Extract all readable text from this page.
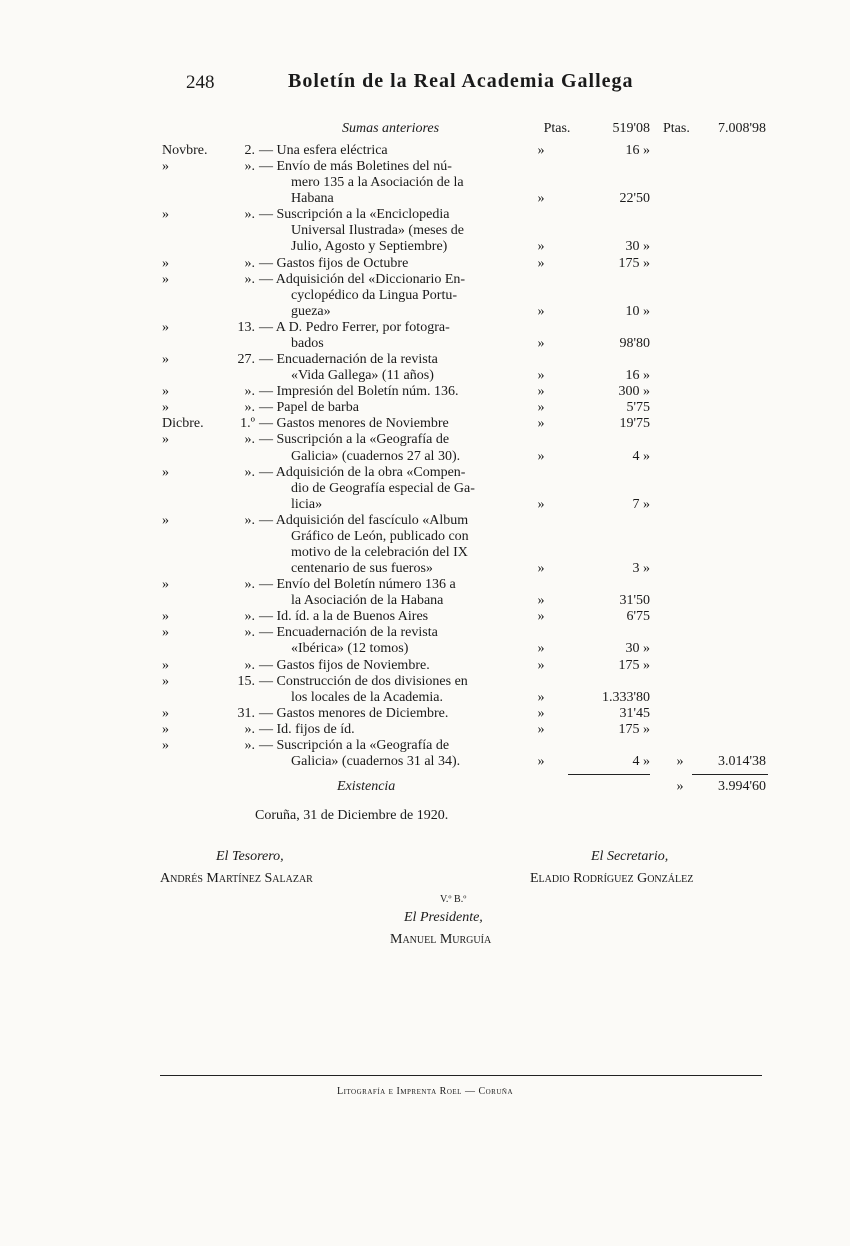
248	Boletín de la Real Academia Gallega
Sumas anteriores	Ptas.	519'08 Ptas.	7.008'98
Novbre.	2. — Una esfera eléctrica	»	16 »
»	». — Envío de más Boletines del nú-
mero 135 a la Asociación de la
Habana	»	22'50
»	». — Suscripción a la «Enciclopedia
Universal Ilustrada» (meses de
Julio, Agosto y Septiembre)	»	30 »
»	». — Gastos fijos de Octubre	»	175 »
»	». — Adquisición del «Diccionario En-
cyclopédico da Lingua Portu-
gueza»	»	10 »
»	13. — A D. Pedro Ferrer, por fotogra-
bados	»	98'80
»	27. — Encuadernación de la revista
«Vida Gallega» (11 años)	»	16 »
»	». — Impresión del Boletín núm. 136.	»	300 »
»	». — Papel de barba	»	5'75
Dicbre.	1.º — Gastos menores de Noviembre	»	19'75
»	». — Suscripción a la «Geografía de
Galicia» (cuadernos 27 al 30).	»	4 »
»	». — Adquisición de la obra «Compen-
dio de Geografía especial de Ga-
licia»	»	7 »
»	». — Adquisición del fascículo «Album
Gráfico de León, publicado con
motivo de la celebración del IX
centenario de sus fueros»	»	3 »
»	». — Envío del Boletín número 136 a
la Asociación de la Habana	»	31'50
»	». — Id. íd. a la de Buenos Aires	»	6'75
»	». — Encuadernación de la revista
«Ibérica» (12 tomos)	»	30 »
»	». — Gastos fijos de Noviembre.	»	175 »
»	15. — Construcción de dos divisiones en
los locales de la Academia.	»	1.333'80
»	31. — Gastos menores de Diciembre.	»	31'45
»	». — Id. fijos de íd.	»	175 »
»	». — Suscripción a la «Geografía de
Galicia» (cuadernos 31 al 34).	»	4 »	»	3.014'38
Existencia	»	3.994'60
Coruña, 31 de Diciembre de 1920.
El Tesorero,
Andrés Martínez Salazar
El Secretario,
Eladio Rodríguez González
V.º B.º
El Presidente,
Manuel Murguía
Litografía e Imprenta Roel — Coruña
